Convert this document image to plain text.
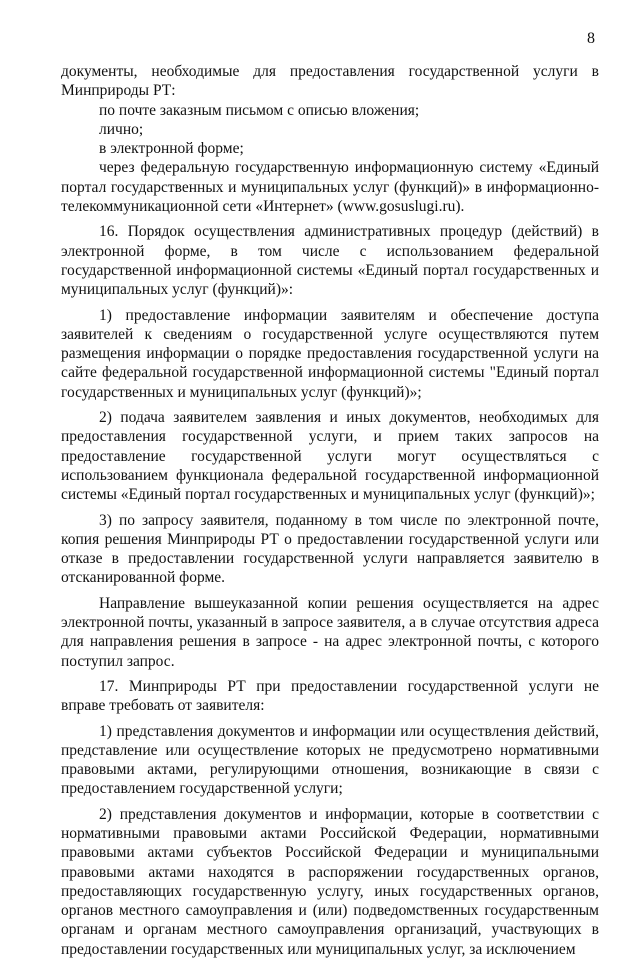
8

документы, необходимые для предоставления государственной услуги в Минприроды РТ:

по почте заказным письмом с описью вложения;

лично;

в электронной форме;

через федеральную государственную информационную систему «Единый портал государственных и муниципальных услуг (функций)» в информационно-телекоммуникационной сети «Интернет» (www.gosuslugi.ru).

16. Порядок осуществления административных процедур (действий) в электронной форме, в том числе с использованием федеральной государственной информационной системы «Единый портал государственных и муниципальных услуг (функций)»:

1) предоставление информации заявителям и обеспечение доступа заявителей к сведениям о государственной услуге осуществляются путем размещения информации о порядке предоставления государственной услуги на сайте федеральной государственной информационной системы "Единый портал государственных и муниципальных услуг (функций)»;

2) подача заявителем заявления и иных документов, необходимых для предоставления государственной услуги, и прием таких запросов на предоставление государственной услуги могут осуществляться с использованием функционала федеральной государственной информационной системы «Единый портал государственных и муниципальных услуг (функций)»;

3) по запросу заявителя, поданному в том числе по электронной почте, копия решения Минприроды РТ о предоставлении государственной услуги или отказе в предоставлении государственной услуги направляется заявителю в отсканированной форме.

Направление вышеуказанной копии решения осуществляется на адрес электронной почты, указанный в запросе заявителя, а в случае отсутствия адреса для направления решения в запросе - на адрес электронной почты, с которого поступил запрос.

17. Минприроды РТ при предоставлении государственной услуги не вправе требовать от заявителя:

1) представления документов и информации или осуществления действий, представление или осуществление которых не предусмотрено нормативными правовыми актами, регулирующими отношения, возникающие в связи с предоставлением государственной услуги;

2) представления документов и информации, которые в соответствии с нормативными правовыми актами Российской Федерации, нормативными правовыми актами субъектов Российской Федерации и муниципальными правовыми актами находятся в распоряжении государственных органов, предоставляющих государственную услугу, иных государственных органов, органов местного самоуправления и (или) подведомственных государственным органам и органам местного самоуправления организаций, участвующих в предоставлении государственных или муниципальных услуг, за исключением
